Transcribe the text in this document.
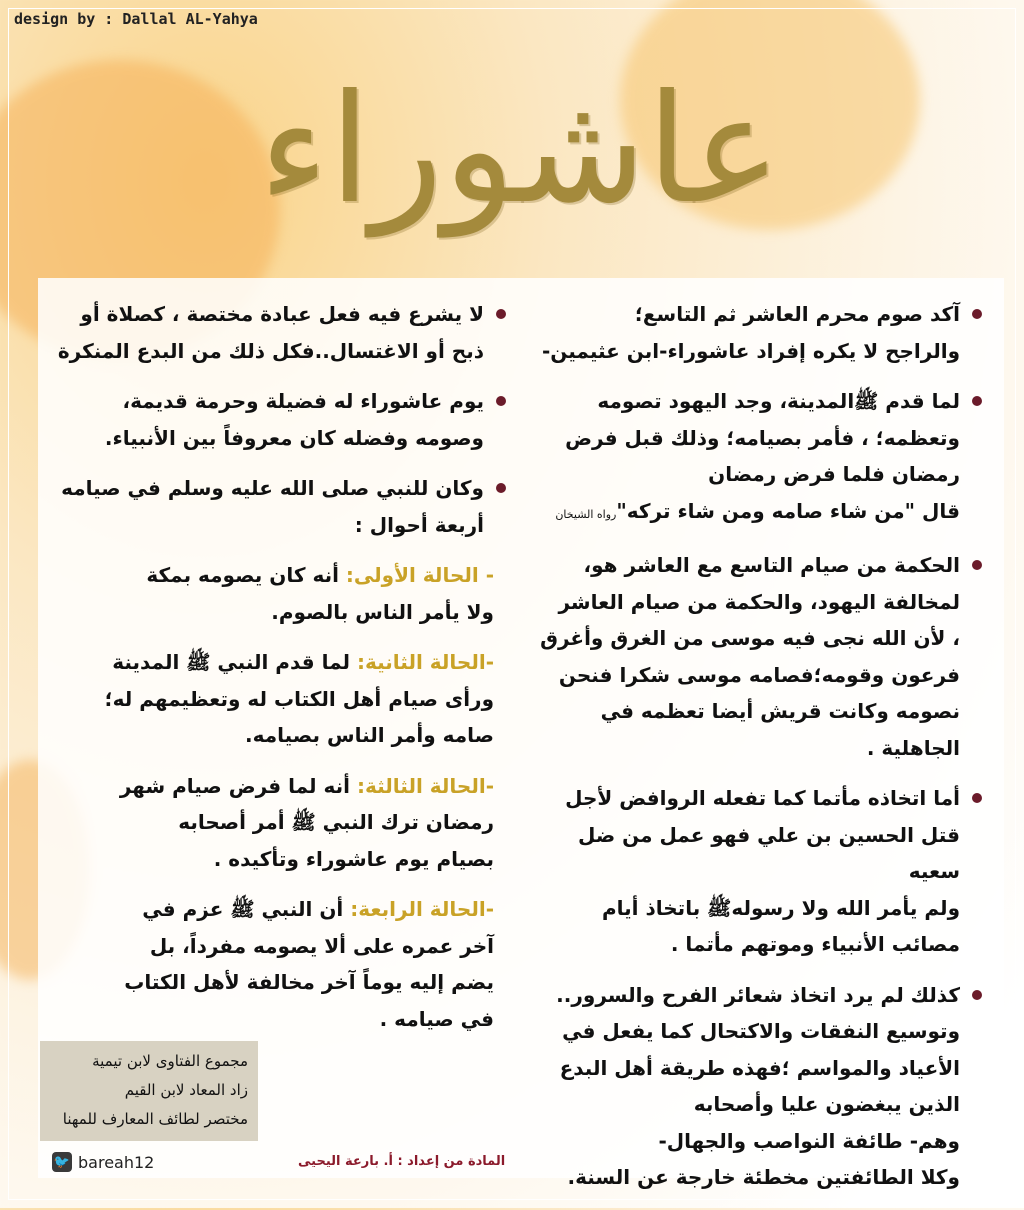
design by : Dallal AL-Yahya
عاشوراء
آكد صوم محرم العاشر ثم التاسع؛
والراجح لا يكره إفراد عاشوراء-ابن عثيمين-
لما قدم ﷺالمدينة، وجد اليهود تصومه
وتعظمه؛ ، فأمر بصيامه؛ وذلك قبل فرض
رمضان فلما فرض رمضان
قال "من شاء صامه ومن شاء تركه"رواه الشيخان
الحكمة من صيام التاسع مع العاشر هو،
لمخالفة اليهود، والحكمة من صيام العاشر
، لأن الله نجى فيه موسى من الغرق وأغرق
فرعون وقومه؛فصامه موسى شكرا فنحن
نصومه وكانت قريش أيضا تعظمه في
الجاهلية .
أما اتخاذه مأتما كما تفعله الروافض لأجل
قتل الحسين بن علي فهو عمل من ضل سعيه
ولم يأمر الله ولا رسولهﷺ باتخاذ أيام
مصائب الأنبياء وموتهم مأتما .
كذلك لم يرد اتخاذ شعائر الفرح والسرور..
وتوسيع النفقات والاكتحال كما يفعل في
الأعياد والمواسم ؛فهذه طريقة أهل البدع
الذين يبغضون عليا وأصحابه
وهم- طائفة النواصب والجهال-
وكلا الطائفتين مخطئة خارجة عن السنة.
لا يشرع فيه فعل عبادة مختصة ، كصلاة أو
ذبح أو الاغتسال..فكل ذلك من البدع المنكرة
يوم عاشوراء له فضيلة وحرمة قديمة،
وصومه وفضله كان معروفاً بين الأنبياء.
وكان للنبي صلى الله عليه وسلم في صيامه
أربعة أحوال :
- الحالة الأولى: أنه كان يصومه بمكة
ولا يأمر الناس بالصوم.
-الحالة الثانية: لما قدم النبي ﷺ المدينة
ورأى صيام أهل الكتاب له وتعظيمهم له؛
صامه وأمر الناس بصيامه.
-الحالة الثالثة: أنه لما فرض صيام شهر
رمضان ترك النبي ﷺ أمر أصحابه
بصيام يوم عاشوراء وتأكيده .
-الحالة الرابعة: أن النبي ﷺ عزم في
آخر عمره على ألا يصومه مفرداً، بل
يضم إليه يوماً آخر مخالفة لأهل الكتاب
في صيامه .
مجموع الفتاوى لابن تيمية
زاد المعاد لابن القيم
مختصر لطائف المعارف للمهنا
🐦 bareah12	المادة من إعداد : أ. بارعة اليحيى
